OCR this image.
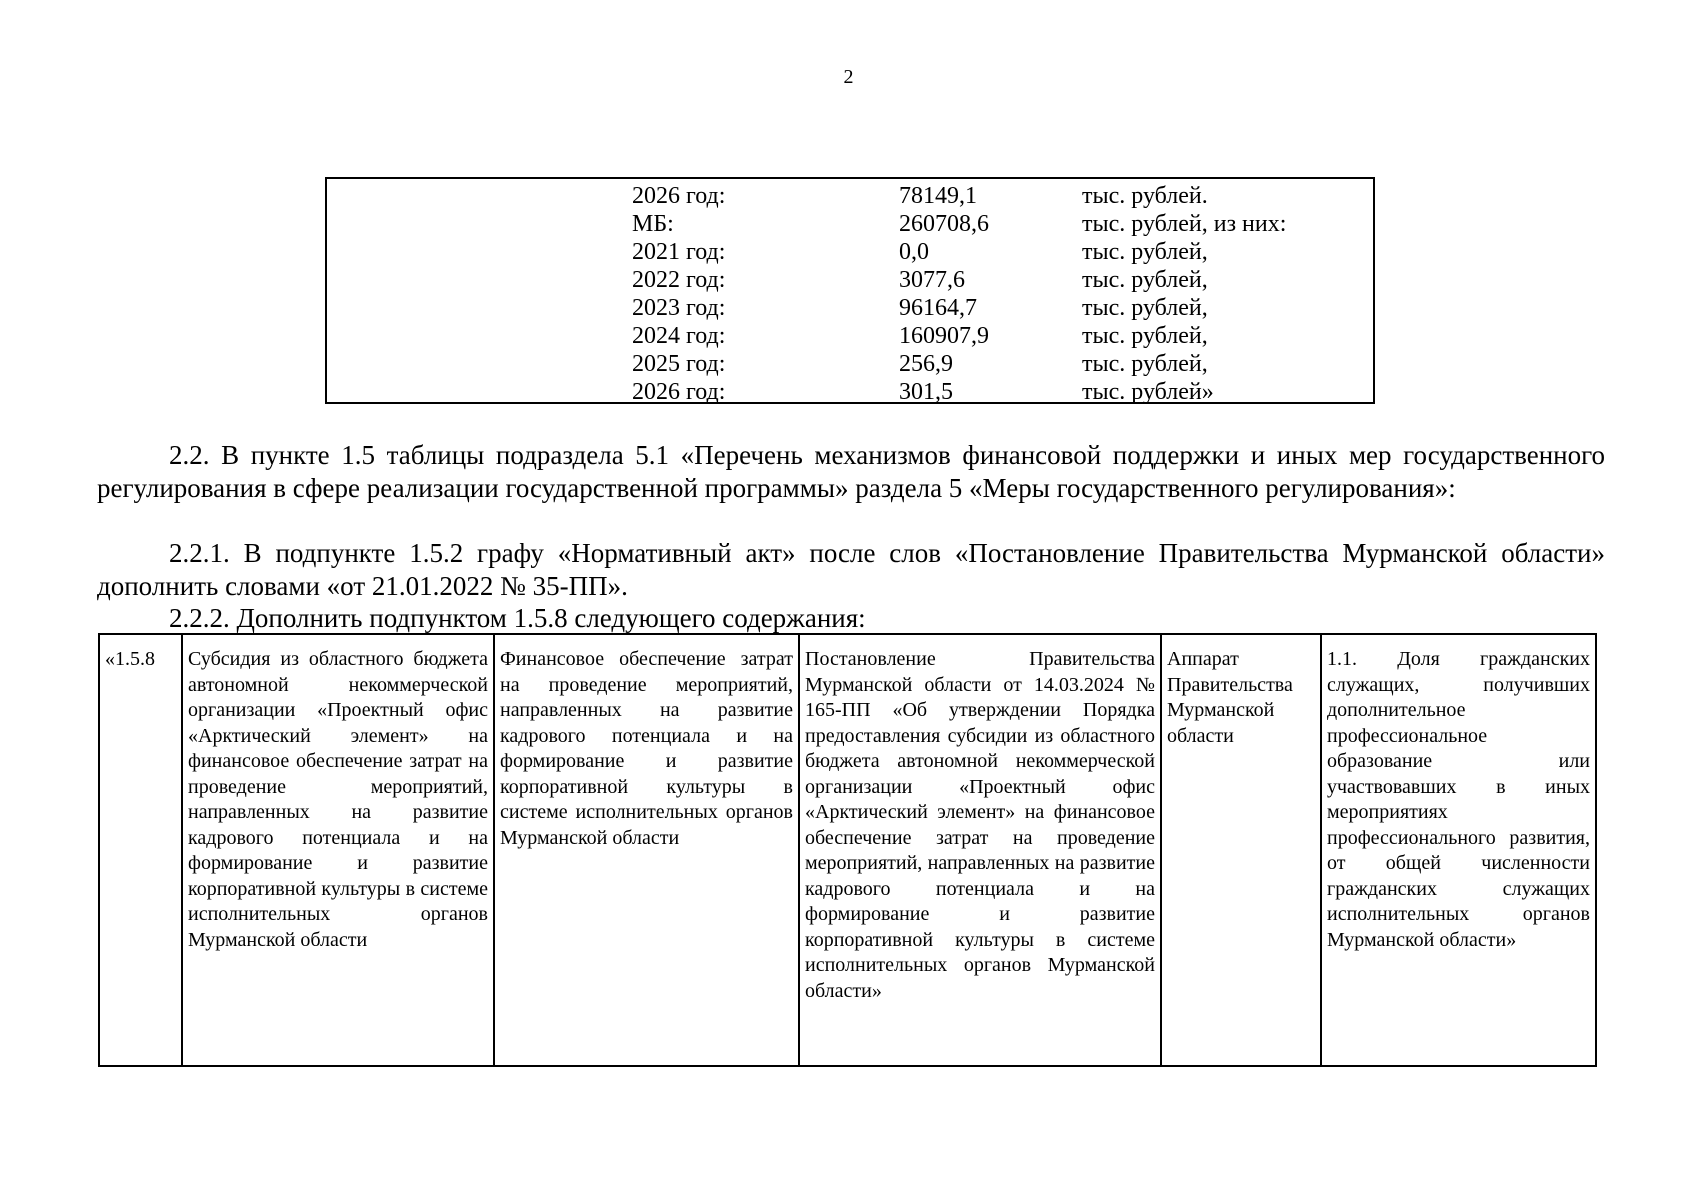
2
2026 год:	78149,1	тыс. рублей.
МБ:	260708,6	тыс. рублей, из них:
2021 год:	0,0	тыс. рублей,
2022 год:	3077,6	тыс. рублей,
2023 год:	96164,7	тыс. рублей,
2024 год:	160907,9	тыс. рублей,
2025 год:	256,9	тыс. рублей,
2026 год:	301,5	тыс. рублей»
2.2. В пункте 1.5 таблицы подраздела 5.1 «Перечень механизмов финансовой поддержки и иных мер государственного регулирования в сфере реализации государственной программы» раздела 5 «Меры государственного регулирования»:
2.2.1. В подпункте 1.5.2 графу «Нормативный акт» после слов «Постановление Правительства Мурманской области» дополнить словами «от 21.01.2022 № 35-ПП».
2.2.2. Дополнить подпунктом 1.5.8 следующего содержания:
«1.5.8	Субсидия из областного бюджета автономной некоммерческой организации «Проектный офис «Арктический элемент» на финансовое обеспечение затрат на проведение мероприятий, направленных на развитие кадрового потенциала и на формирование и развитие корпоративной культуры в системе исполнительных органов Мурманской области	Финансовое обеспечение затрат на проведение мероприятий, направленных на развитие кадрового потенциала и на формирование и развитие корпоративной культуры в системе исполнительных органов Мурманской области	Постановление Правительства Мурманской области от 14.03.2024 № 165-ПП «Об утверждении Порядка предоставления субсидии из областного бюджета автономной некоммерческой организации «Проектный офис «Арктический элемент» на финансовое обеспечение затрат на проведение мероприятий, направленных на развитие кадрового потенциала и на формирование и развитие корпоративной культуры в системе исполнительных органов Мурманской области»	Аппарат Правительства Мурманской области	1.1. Доля гражданских служащих, получивших дополнительное профессиональное образование или участвовавших в иных мероприятиях профессионального развития, от общей численности гражданских служащих исполнительных органов Мурманской области»
